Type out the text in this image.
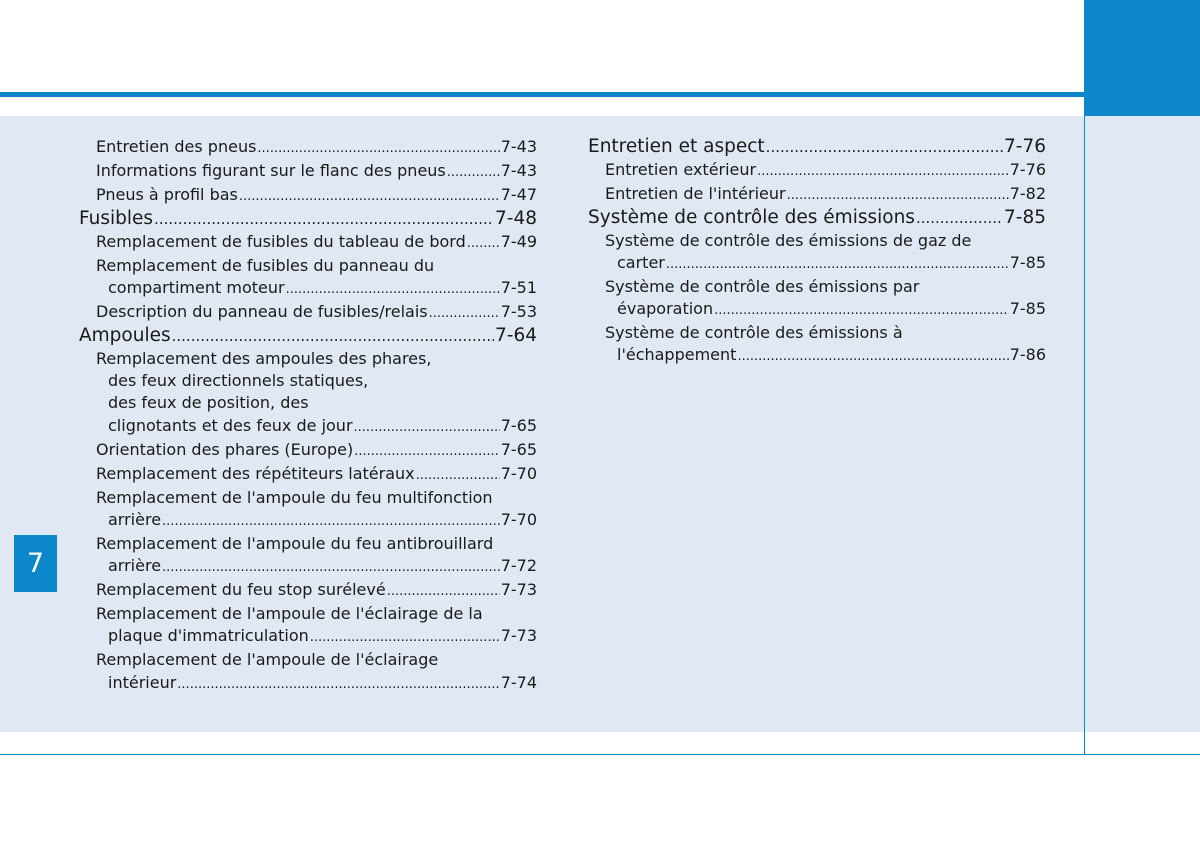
7
Entretien des pneus .....	7-43
Informations figurant sur le flanc des pneus .....	7-43
Pneus à profil bas .....	7-47
Fusibles .....	7-48
Remplacement de fusibles du tableau de bord ..... 7-49
Remplacement de fusibles du panneau du
compartiment moteur .....	7-51
Description du panneau de fusibles/relais .....	7-53
Ampoules .....	7-64
Remplacement des ampoules des phares,
des feux directionnels statiques,
des feux de position, des
clignotants et des feux de jour .....	7-65
Orientation des phares (Europe) .....	7-65
Remplacement des répétiteurs latéraux .....	7-70
Remplacement de l'ampoule du feu multifonction
arrière .....	7-70
Remplacement de l'ampoule du feu antibrouillard
arrière .....	7-72
Remplacement du feu stop surélevé .....	7-73
Remplacement de l'ampoule de l'éclairage de la
plaque d'immatriculation .....	7-73
Remplacement de l'ampoule de l'éclairage
intérieur .....	7-74
Entretien et aspect .....	7-76
Entretien extérieur .....	7-76
Entretien de l'intérieur .....	7-82
Système de contrôle des émissions .....	7-85
Système de contrôle des émissions de gaz de
carter .....	7-85
Système de contrôle des émissions par
évaporation .....	7-85
Système de contrôle des émissions à
l'échappement .....	7-86
